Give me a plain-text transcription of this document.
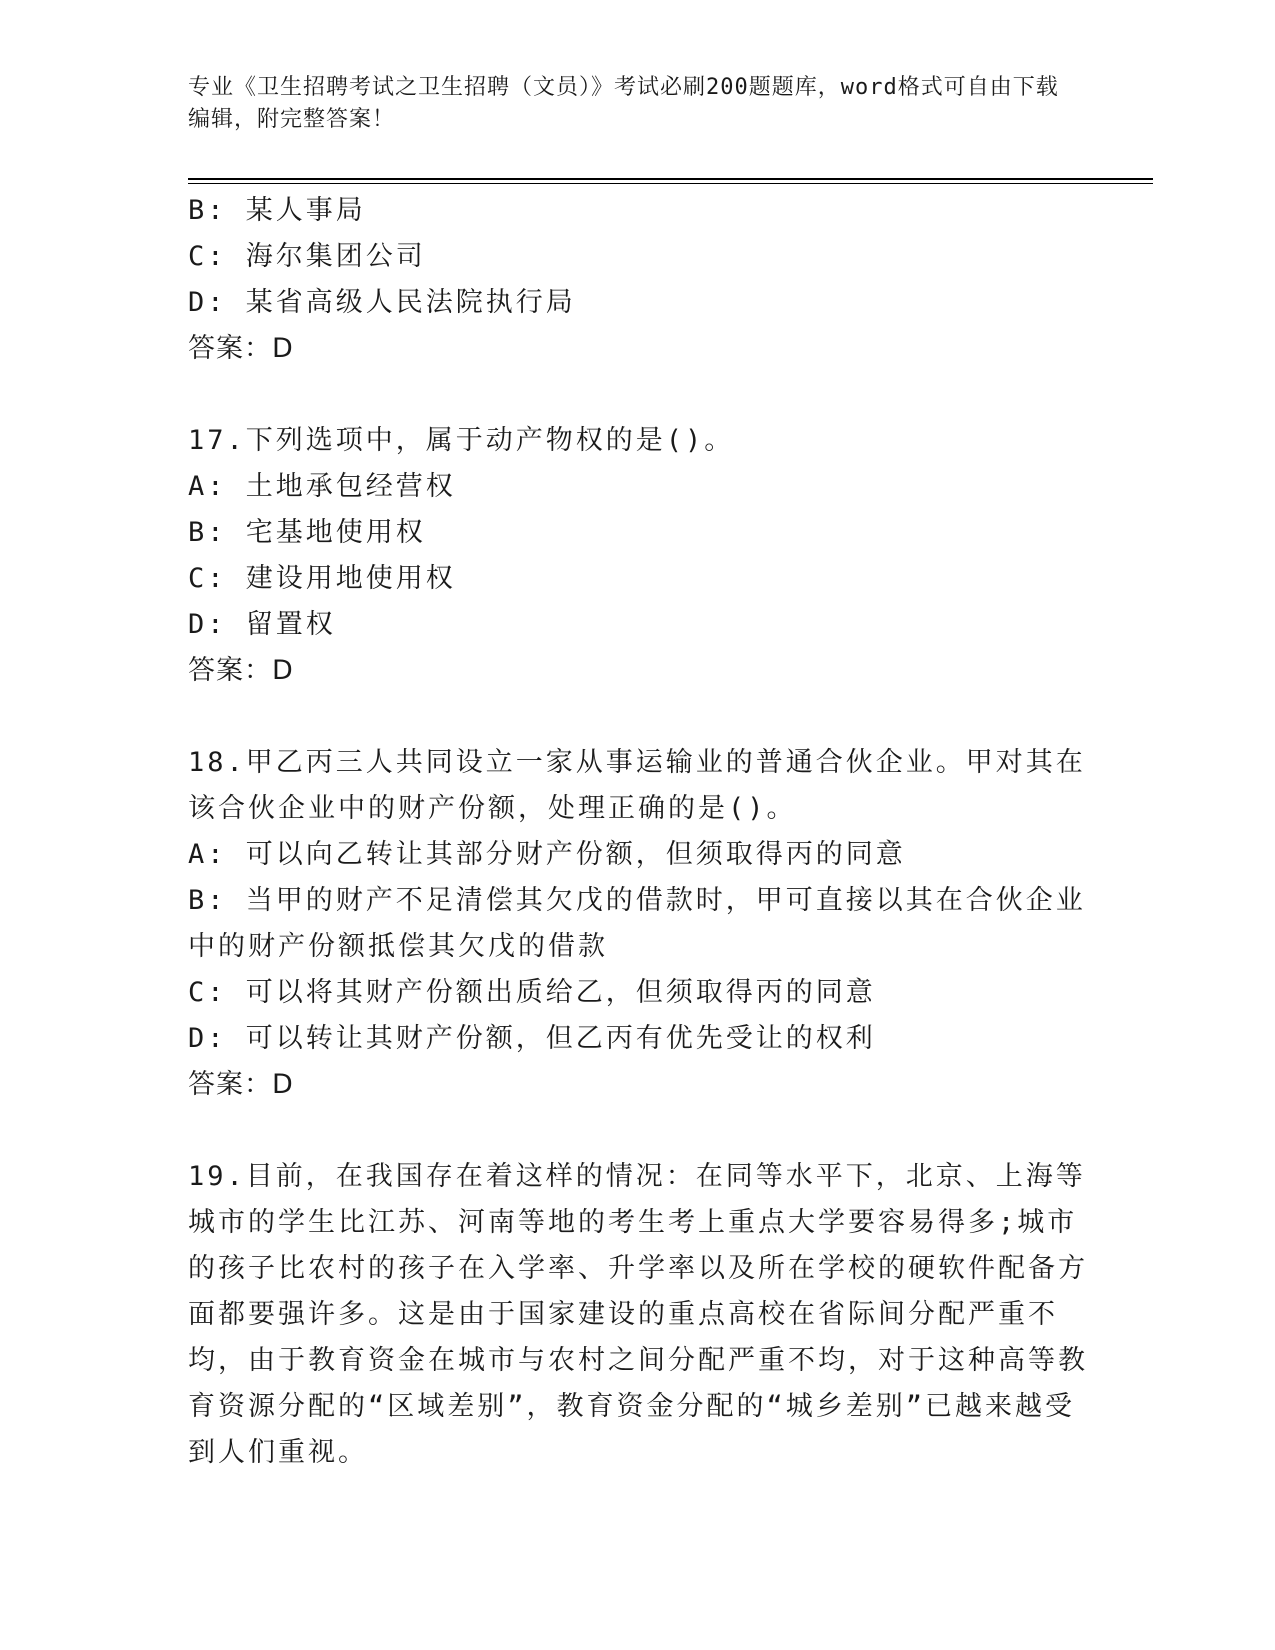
专业《卫生招聘考试之卫生招聘（文员）》考试必刷200题题库，word格式可自由下载编辑，附完整答案！

B: 某人事局

C: 海尔集团公司

D: 某省高级人民法院执行局

答案：D

17.下列选项中，属于动产物权的是()。

A: 土地承包经营权

B: 宅基地使用权

C: 建设用地使用权

D: 留置权

答案：D

18.甲乙丙三人共同设立一家从事运输业的普通合伙企业。甲对其在该合伙企业中的财产份额，处理正确的是()。

A: 可以向乙转让其部分财产份额，但须取得丙的同意

B: 当甲的财产不足清偿其欠戊的借款时，甲可直接以其在合伙企业中的财产份额抵偿其欠戊的借款

C: 可以将其财产份额出质给乙，但须取得丙的同意

D: 可以转让其财产份额，但乙丙有优先受让的权利

答案：D

19.目前，在我国存在着这样的情况：在同等水平下，北京、上海等城市的学生比江苏、河南等地的考生考上重点大学要容易得多;城市的孩子比农村的孩子在入学率、升学率以及所在学校的硬软件配备方面都要强许多。这是由于国家建设的重点高校在省际间分配严重不均，由于教育资金在城市与农村之间分配严重不均，对于这种高等教育资源分配的“区域差别”，教育资金分配的“城乡差别”已越来越受到人们重视。
